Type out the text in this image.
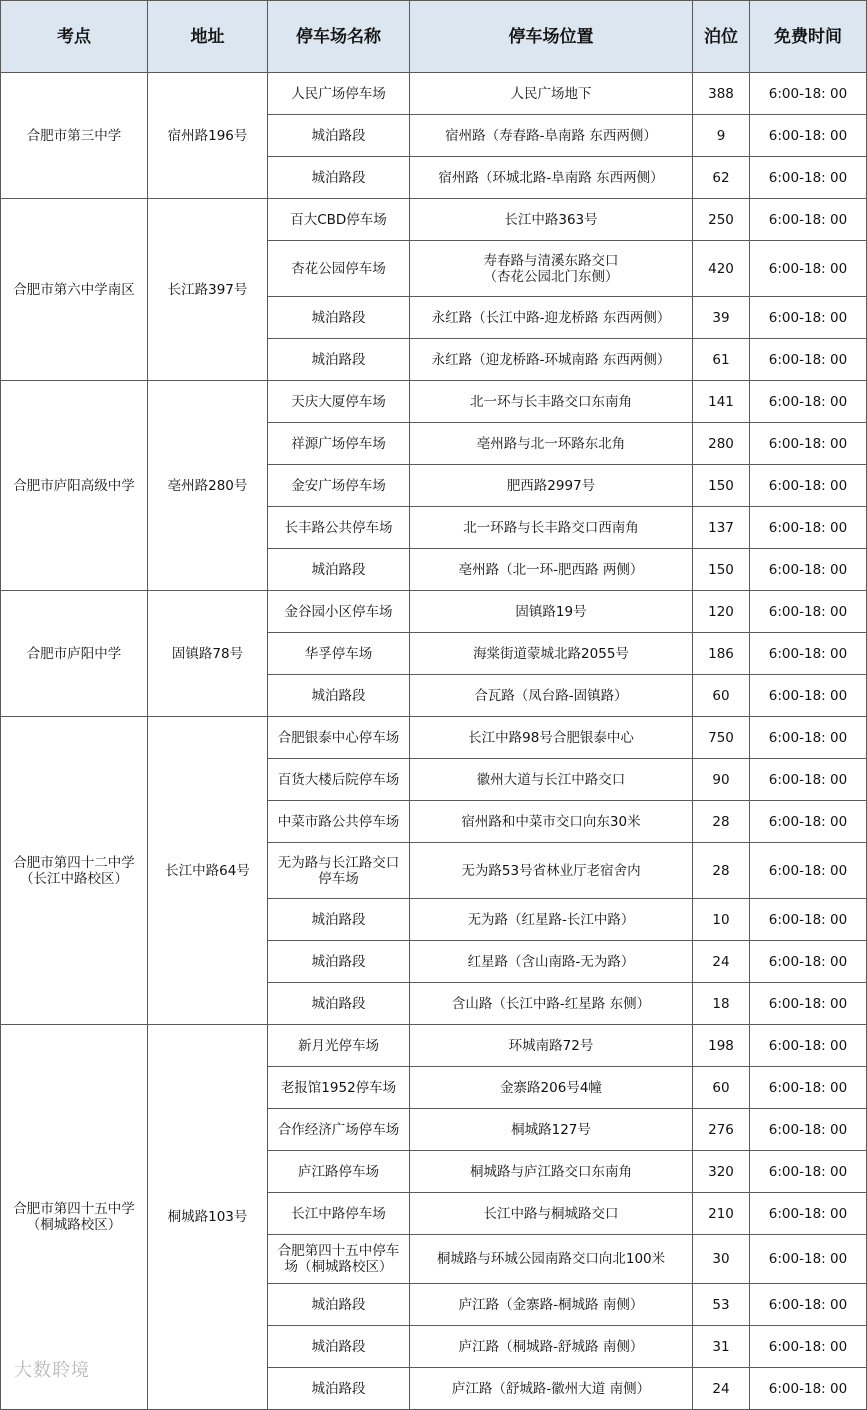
考点	地址	停车场名称	停车场位置	泊位	免费时间
合肥市第三中学	宿州路196号	人民广场停车场	人民广场地下	388	6:00-18: 00
		城泊路段	宿州路（寿春路-阜南路 东西两侧）	9	6:00-18: 00
		城泊路段	宿州路（环城北路-阜南路 东西两侧）	62	6:00-18: 00
合肥市第六中学南区	长江路397号	百大CBD停车场	长江中路363号	250	6:00-18: 00
		杏花公园停车场	寿春路与清溪东路交口
（杏花公园北门东侧）	420	6:00-18: 00
		城泊路段	永红路（长江中路-迎龙桥路 东西两侧）	39	6:00-18: 00
		城泊路段	永红路（迎龙桥路-环城南路 东西两侧）	61	6:00-18: 00
合肥市庐阳高级中学	亳州路280号	天庆大厦停车场	北一环与长丰路交口东南角	141	6:00-18: 00
		祥源广场停车场	亳州路与北一环路东北角	280	6:00-18: 00
		金安广场停车场	肥西路2997号	150	6:00-18: 00
		长丰路公共停车场	北一环路与长丰路交口西南角	137	6:00-18: 00
		城泊路段	亳州路（北一环-肥西路 两侧）	150	6:00-18: 00
合肥市庐阳中学	固镇路78号	金谷园小区停车场	固镇路19号	120	6:00-18: 00
		华孚停车场	海棠街道蒙城北路2055号	186	6:00-18: 00
		城泊路段	合瓦路（凤台路-固镇路）	60	6:00-18: 00
合肥市第四十二中学
（长江中路校区）	长江中路64号	合肥银泰中心停车场	长江中路98号合肥银泰中心	750	6:00-18: 00
		百货大楼后院停车场	徽州大道与长江中路交口	90	6:00-18: 00
		中菜市路公共停车场	宿州路和中菜市交口向东30米	28	6:00-18: 00
		无为路与长江路交口
停车场	无为路53号省林业厅老宿舍内	28	6:00-18: 00
		城泊路段	无为路（红星路-长江中路）	10	6:00-18: 00
		城泊路段	红星路（含山南路-无为路）	24	6:00-18: 00
		城泊路段	含山路（长江中路-红星路 东侧）	18	6:00-18: 00
合肥市第四十五中学
（桐城路校区）	桐城路103号	新月光停车场	环城南路72号	198	6:00-18: 00
		老报馆1952停车场	金寨路206号4幢	60	6:00-18: 00
		合作经济广场停车场	桐城路127号	276	6:00-18: 00
		庐江路停车场	桐城路与庐江路交口东南角	320	6:00-18: 00
		长江中路停车场	长江中路与桐城路交口	210	6:00-18: 00
		合肥第四十五中停车
场（桐城路校区）	桐城路与环城公园南路交口向北100米	30	6:00-18: 00
		城泊路段	庐江路（金寨路-桐城路 南侧）	53	6:00-18: 00
		城泊路段	庐江路（桐城路-舒城路 南侧）	31	6:00-18: 00
		城泊路段	庐江路（舒城路-徽州大道 南侧）	24	6:00-18: 00
大数聆境
